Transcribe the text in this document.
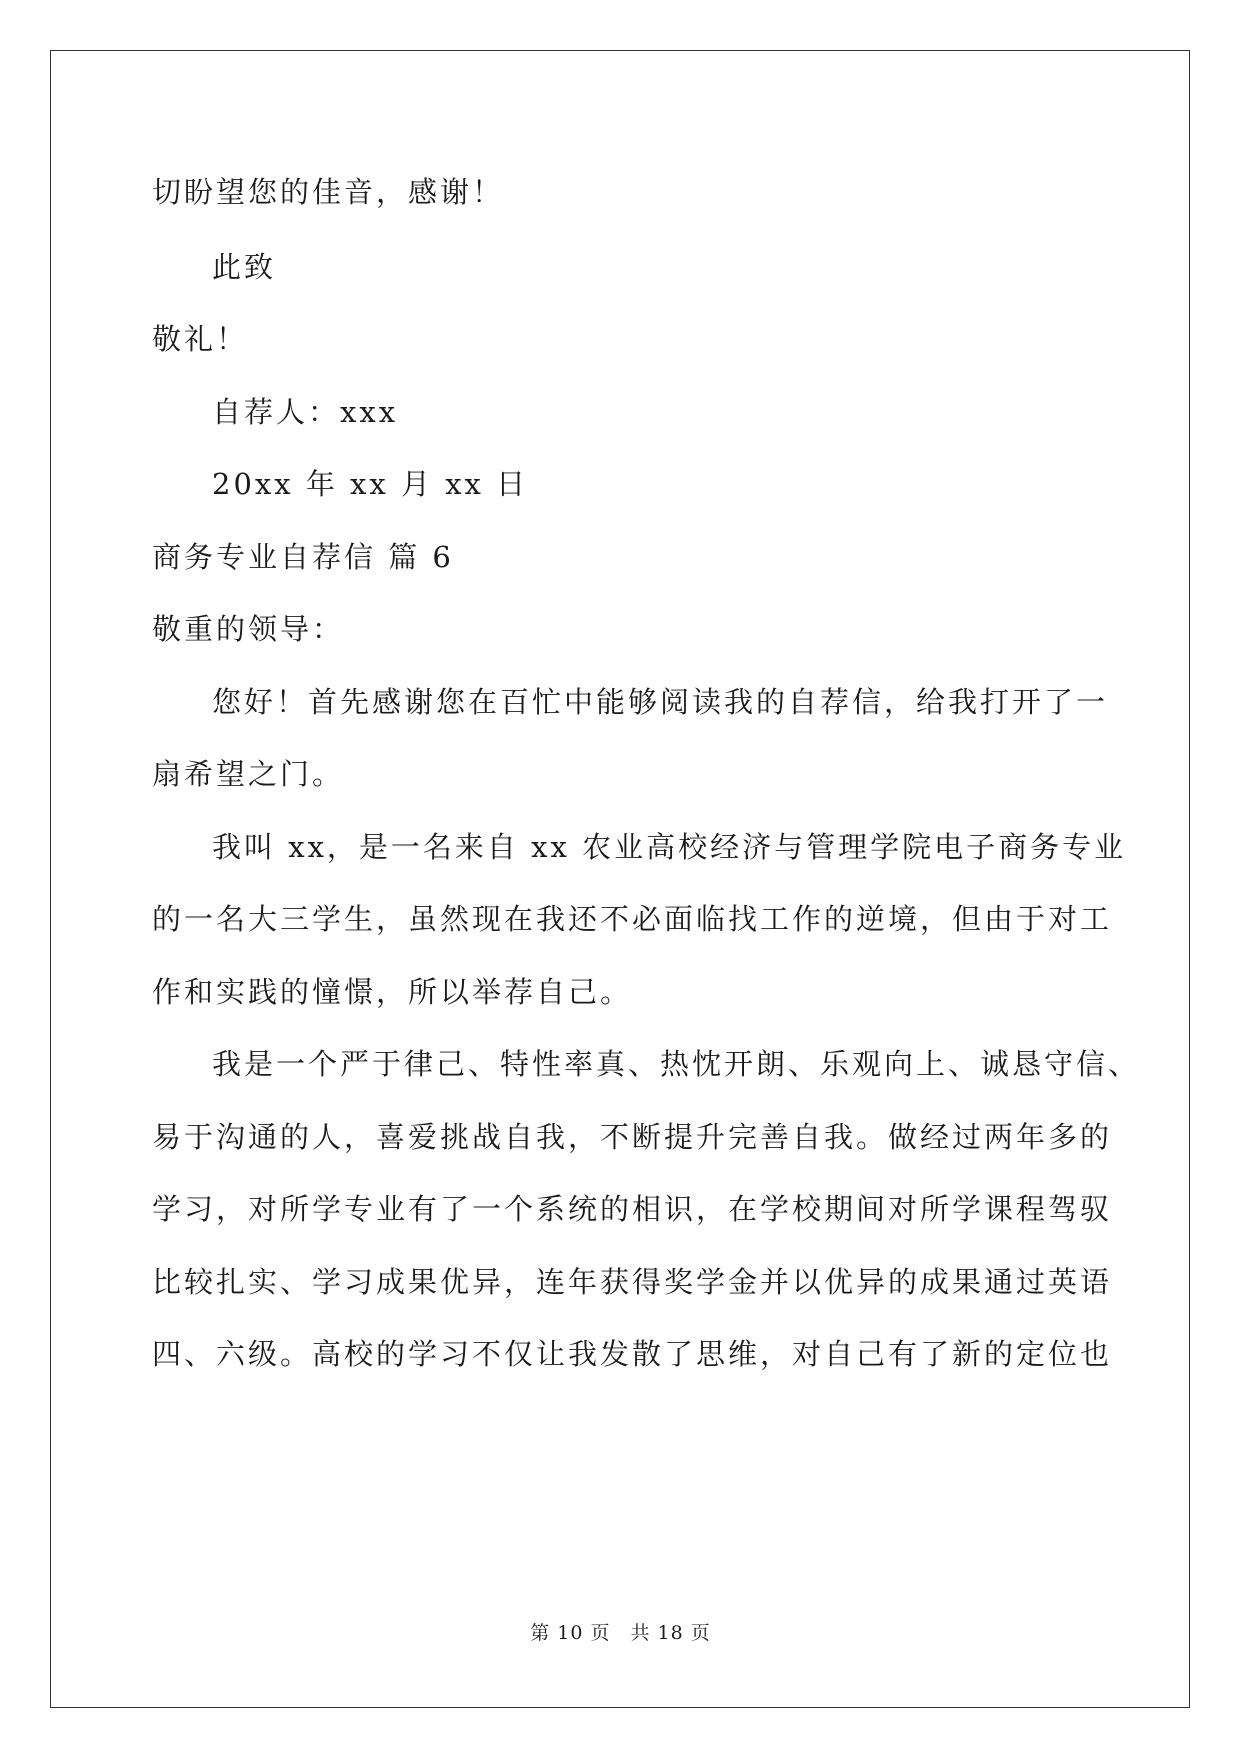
切盼望您的佳音，感谢！
此致
敬礼！
自荐人：xxx
20xx 年 xx 月 xx 日
商务专业自荐信 篇 6
敬重的领导：
您好！首先感谢您在百忙中能够阅读我的自荐信，给我打开了一
扇希望之门。
我叫 xx，是一名来自 xx 农业高校经济与管理学院电子商务专业
的一名大三学生，虽然现在我还不必面临找工作的逆境，但由于对工
作和实践的憧憬，所以举荐自己。
我是一个严于律己、特性率真、热忱开朗、乐观向上、诚恳守信、
易于沟通的人，喜爱挑战自我，不断提升完善自我。做经过两年多的
学习，对所学专业有了一个系统的相识，在学校期间对所学课程驾驭
比较扎实、学习成果优异，连年获得奖学金并以优异的成果通过英语
四、六级。高校的学习不仅让我发散了思维，对自己有了新的定位也
第 10 页　共 18 页
